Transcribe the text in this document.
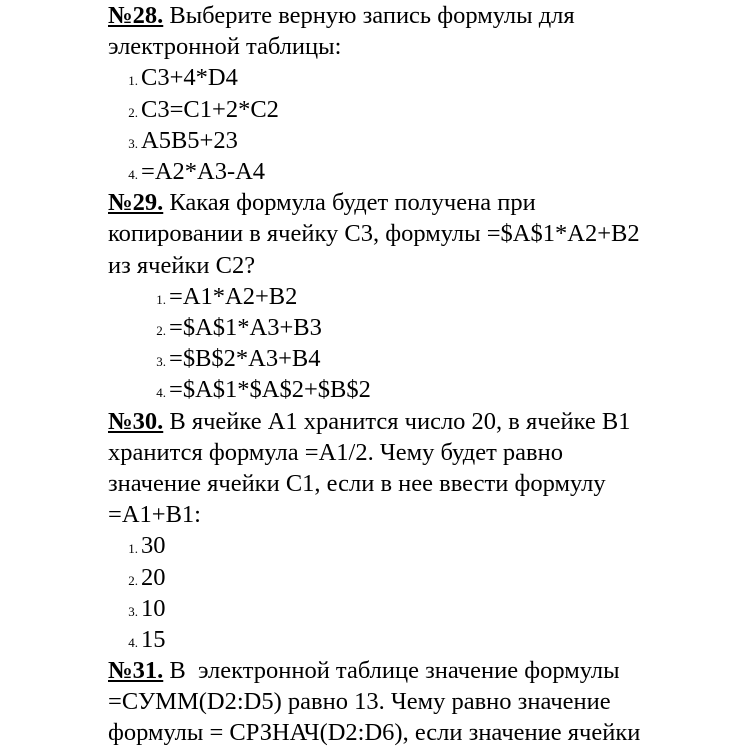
№28. Выберите верную запись формулы для
электронной таблицы:

1. C3+4*D4
2. C3=C1+2*C2
3. A5B5+23
4. =A2*A3-A4

№29. Какая формула будет получена при
копировании в ячейку С3, формулы =$A$1*A2+B2
из ячейки С2?

1. =A1*A2+B2
2. =$A$1*A3+B3
3. =$B$2*A3+B4
4. =$A$1*$A$2+$B$2

№30. В ячейке А1 хранится число 20, в ячейке В1
хранится формула =А1/2. Чему будет равно
значение ячейки С1, если в нее ввести формулу
=А1+В1:

1. 30
2. 20
3. 10
4. 15

№31. В  электронной таблице значение формулы
=СУММ(D2:D5) равно 13. Чему равно значение
формулы = СРЗНАЧ(D2:D6), если значение ячейки
